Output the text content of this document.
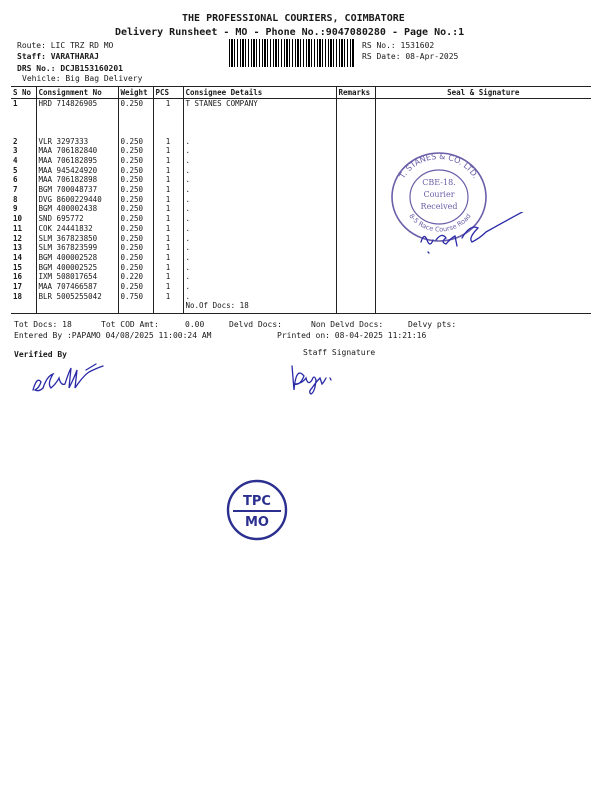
THE PROFESSIONAL COURIERS, COIMBATORE
Delivery Runsheet - MO - Phone No.:9047080280 - Page No.:1
Route: LIC TRZ RD MO
Staff: VARATHARAJ
DRS No.: DCJB153160201
Vehicle: Big Bag Delivery
RS No.: 1531602
RS Date: 08-Apr-2025
S No	Consignment No	Weight	PCS	Consignee Details	Remarks	Seal & Signature
1	HRD 714826905	0.250	1	T STANES COMPANY		
2	VLR 3297333	0.250	1	.		
3	MAA 706182840	0.250	1	.		
4	MAA 706182895	0.250	1	.		
5	MAA 945424920	0.250	1	.		
6	MAA 706182898	0.250	1	.		
7	BGM 700048737	0.250	1	.		
8	DVG 8600229440	0.250	1	.		
9	BGM 400002438	0.250	1	.		
10	SND 695772	0.250	1	.		
11	COK 24441832	0.250	1	.		
12	SLM 367823850	0.250	1	.		
13	SLM 367823599	0.250	1	.		
14	BGM 400002528	0.250	1	.		
15	BGM 400002525	0.250	1	.		
16	IXM 508017654	0.220	1	.		
17	MAA 707466587	0.250	1	.		
18	BLR 5005255042	0.750	1	.		
				No.Of Docs: 18		
Tot Docs: 18	Tot COD Amt:	0.00	Delvd Docs:	Non Delvd Docs:	Delvy pts:
Entered By :PAPAMO 04/08/2025 11:00:24 AM	Printed on: 08-04-2025 11:21:16
Verified By	Staff Signature
T. STANES & CO. LTD.
8-5 Race Course Road
CBE-18.
Courier
Received
TPC
MO
